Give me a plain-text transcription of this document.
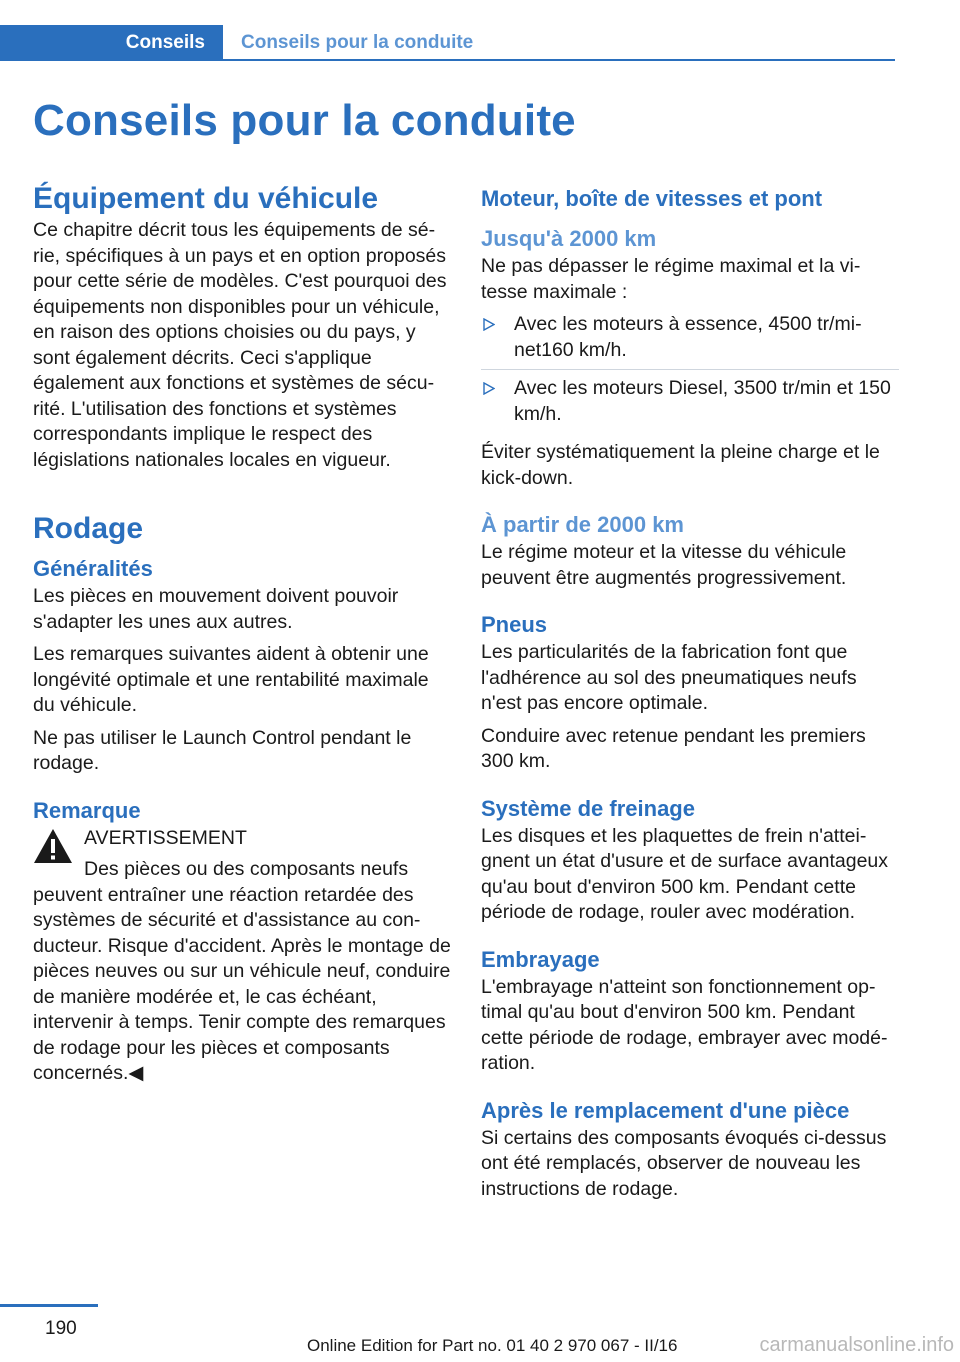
Conseils	Conseils pour la conduite
Conseils pour la conduite
Équipement du véhicule

Ce chapitre décrit tous les équipements de série, spécifiques à un pays et en option proposés pour cette série de modèles. C'est pourquoi des équipements non disponibles pour un véhicule, en raison des options choisies ou du pays, y sont également décrits. Ceci s'applique également aux fonctions et systèmes de sécurité. L'utilisation des fonctions et systèmes correspondants implique le respect des législations nationales locales en vigueur.

Rodage
Généralités

Les pièces en mouvement doivent pouvoir s'adapter les unes aux autres.

Les remarques suivantes aident à obtenir une longévité optimale et une rentabilité maximale du véhicule.

Ne pas utiliser le Launch Control pendant le rodage.

Remarque
AVERTISSEMENT

Des pièces ou des composants neufs peuvent entraîner une réaction retardée des systèmes de sécurité et d'assistance au conducteur. Risque d'accident. Après le montage de pièces neuves ou sur un véhicule neuf, conduire de manière modérée et, le cas échéant, intervenir à temps. Tenir compte des remarques de rodage pour les pièces et composants concernés.◀

Moteur, boîte de vitesses et pont
Jusqu'à 2000 km

Ne pas dépasser le régime maximal et la vitesse maximale :

Avec les moteurs à essence, 4500 tr/minet160 km/h.
Avec les moteurs Diesel, 3500 tr/min et 150 km/h.

Éviter systématiquement la pleine charge et le kick-down.

À partir de 2000 km

Le régime moteur et la vitesse du véhicule peuvent être augmentés progressivement.

Pneus

Les particularités de la fabrication font que l'adhérence au sol des pneumatiques neufs n'est pas encore optimale.

Conduire avec retenue pendant les premiers 300 km.

Système de freinage

Les disques et les plaquettes de frein n'atteignent un état d'usure et de surface avantageux qu'au bout d'environ 500 km. Pendant cette période de rodage, rouler avec modération.

Embrayage

L'embrayage n'atteint son fonctionnement optimal qu'au bout d'environ 500 km. Pendant cette période de rodage, embrayer avec modération.

Après le remplacement d'une pièce

Si certains des composants évoqués ci-dessus ont été remplacés, observer de nouveau les instructions de rodage.

190
Online Edition for Part no. 01 40 2 970 067 - II/16	carmanualsonline.info
